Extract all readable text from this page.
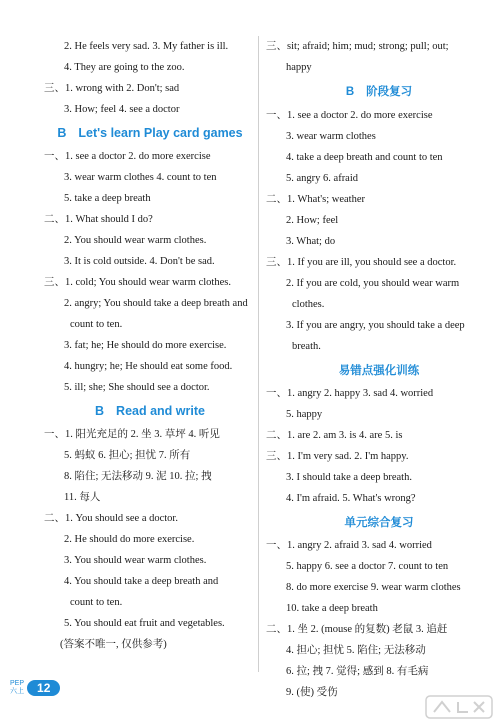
2. He feels very sad. 3. My father is ill.
4. They are going to the zoo.
三、1. wrong with 2. Don't; sad
3. How; feel 4. see a doctor
B Let's learn Play card games
一、1. see a doctor 2. do more exercise
3. wear warm clothes 4. count to ten
5. take a deep breath
二、1. What should I do?
2. You should wear warm clothes.
3. It is cold outside. 4. Don't be sad.
三、1. cold; You should wear warm clothes.
2. angry; You should take a deep breath and
count to ten.
3. fat; he; He should do more exercise.
4. hungry; he; He should eat some food.
5. ill; she; She should see a doctor.
B Read and write
一、1. 阳光充足的 2. 坐 3. 草坪 4. 听见
5. 蚂蚁 6. 担心; 担忧 7. 所有
8. 陷住; 无法移动 9. 泥 10. 拉; 拽
11. 每人
二、1. You should see a doctor.
2. He should do more exercise.
3. You should wear warm clothes.
4. You should take a deep breath and
count to ten.
5. You should eat fruit and vegetables.
(答案不唯一, 仅供参考)
三、sit; afraid; him; mud; strong; pull; out;
happy
B 阶段复习
一、1. see a doctor 2. do more exercise
3. wear warm clothes
4. take a deep breath and count to ten
5. angry 6. afraid
二、1. What's; weather
2. How; feel
3. What; do
三、1. If you are ill, you should see a doctor.
2. If you are cold, you should wear warm
clothes.
3. If you are angry, you should take a deep
breath.
易错点强化训练
一、1. angry 2. happy 3. sad 4. worried
5. happy
二、1. are 2. am 3. is 4. are 5. is
三、1. I'm very sad. 2. I'm happy.
3. I should take a deep breath.
4. I'm afraid. 5. What's wrong?
单元综合复习
一、1. angry 2. afraid 3. sad 4. worried
5. happy 6. see a doctor 7. count to ten
8. do more exercise 9. wear warm clothes
10. take a deep breath
二、1. 坐 2. (mouse 的复数) 老鼠 3. 追赶
4. 担心; 担忧 5. 陷住; 无法移动
6. 拉; 拽 7. 觉得; 感到 8. 有毛病
9. (使) 受伤
PEP
六上	12
